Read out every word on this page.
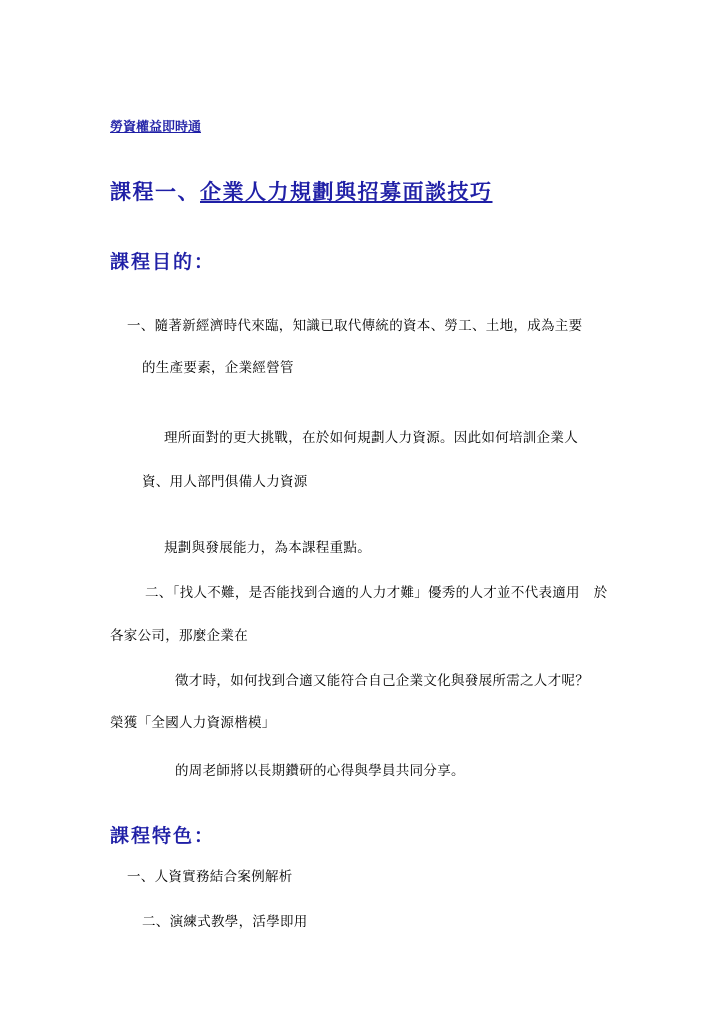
勞資權益即時通
課程一、企業人力規劃與招募面談技巧
課程目的：
一、隨著新經濟時代來臨，知識已取代傳統的資本、勞工、土地，成為主要
的生產要素，企業經營管
理所面對的更大挑戰，在於如何規劃人力資源。因此如何培訓企業人
資、用人部門俱備人力資源
規劃與發展能力，為本課程重點。
二、「找人不難，是否能找到合適的人力才難」優秀的人才並不代表適用　於
各家公司，那麼企業在
徵才時，如何找到合適又能符合自己企業文化與發展所需之人才呢？
榮獲「全國人力資源楷模」
的周老師將以長期鑽研的心得與學員共同分享。
課程特色：
一、人資實務結合案例解析
二、演練式教學，活學即用
